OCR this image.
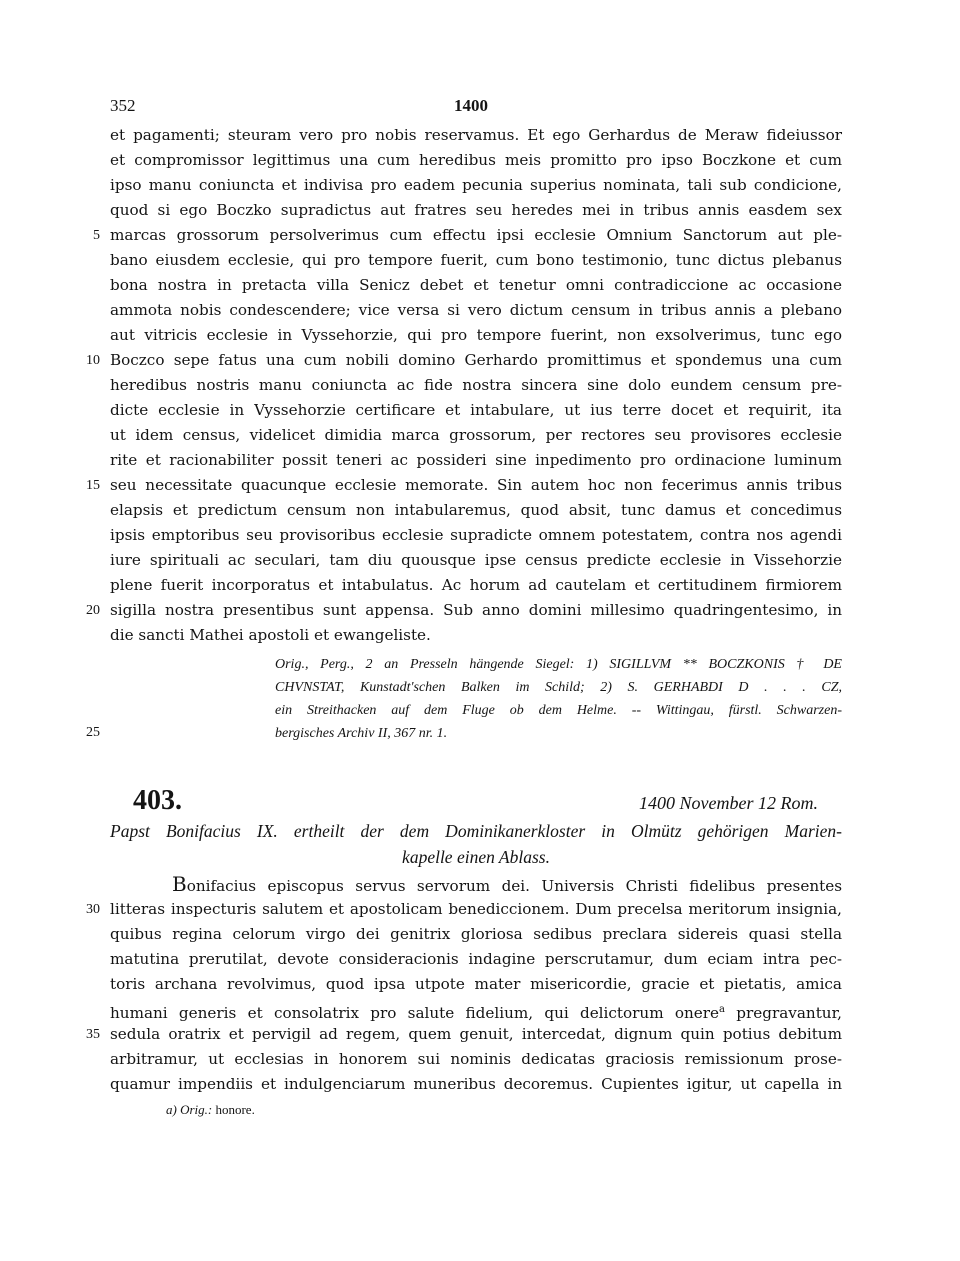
352	1400
et pagamenti; steuram vero pro nobis reservamus. Et ego Gerhardus de Meraw fideiussor
et compromissor legittimus una cum heredibus meis promitto pro ipso Boczkone et cum
ipso manu coniuncta et indivisa pro eadem pecunia superius nominata, tali sub condicione,
quod si ego Boczko supradictus aut fratres seu heredes mei in tribus annis easdem sex
marcas grossorum persolverimus cum effectu ipsi ecclesie Omnium Sanctorum aut ple-
bano eiusdem ecclesie, qui pro tempore fuerit, cum bono testimonio, tunc dictus plebanus
bona nostra in pretacta villa Senicz debet et tenetur omni contradiccione ac occasione
ammota nobis condescendere; vice versa si vero dictum censum in tribus annis a plebano
aut vitricis ecclesie in Vyssehorzie, qui pro tempore fuerint, non exsolverimus, tunc ego
Boczco sepe fatus una cum nobili domino Gerhardo promittimus et spondemus una cum
heredibus nostris manu coniuncta ac fide nostra sincera sine dolo eundem censum pre-
dicte ecclesie in Vyssehorzie certificare et intabulare, ut ius terre docet et requirit, ita
ut idem census, videlicet dimidia marca grossorum, per rectores seu provisores ecclesie
rite et racionabiliter possit teneri ac possideri sine inpedimento pro ordinacione luminum
seu necessitate quacunque ecclesie memorate. Sin autem hoc non fecerimus annis tribus
elapsis et predictum censum non intabularemus, quod absit, tunc damus et concedimus
ipsis emptoribus seu provisoribus ecclesie supradicte omnem potestatem, contra nos agendi
iure spirituali ac seculari, tam diu quousque ipse census predicte ecclesie in Vissehorzie
plene fuerit incorporatus et intabulatus. Ac horum ad cautelam et certitudinem firmiorem
sigilla nostra presentibus sunt appensa. Sub anno domini millesimo quadringentesimo, in
die sancti Mathei apostoli et ewangeliste.
5
10
15
20
25
30
35
Orig., Perg., 2 an Presseln hängende Siegel: 1) SIGILLVM ** BOCZKONIS † DE
CHVNSTAT, Kunstadt'schen Balken im Schild; 2) S. GERHABDI D . . . CZ,
ein Streithacken auf dem Fluge ob dem Helme. -- Wittingau, fürstl. Schwarzen-
bergisches Archiv II, 367 nr. 1.
403.	1400 November 12 Rom.
Papst Bonifacius IX. ertheilt der dem Dominikanerkloster in Olmütz gehörigen Marien-
kapelle einen Ablass.
Bonifacius episcopus servus servorum dei. Universis Christi fidelibus presentes
litteras inspecturis salutem et apostolicam benediccionem. Dum precelsa meritorum insignia,
quibus regina celorum virgo dei genitrix gloriosa sedibus preclara sidereis quasi stella
matutina prerutilat, devote consideracionis indagine perscrutamur, dum eciam intra pec-
toris archana revolvimus, quod ipsa utpote mater misericordie, gracie et pietatis, amica
humani generis et consolatrix pro salute fidelium, qui delictorum onere$^a$ pregravantur,
sedula oratrix et pervigil ad regem, quem genuit, intercedat, dignum quin potius debitum
arbitramur, ut ecclesias in honorem sui nominis dedicatas graciosis remissionum prose-
quamur impendiis et indulgenciarum muneribus decoremus. Cupientes igitur, ut capella in
a) Orig.: honore.
